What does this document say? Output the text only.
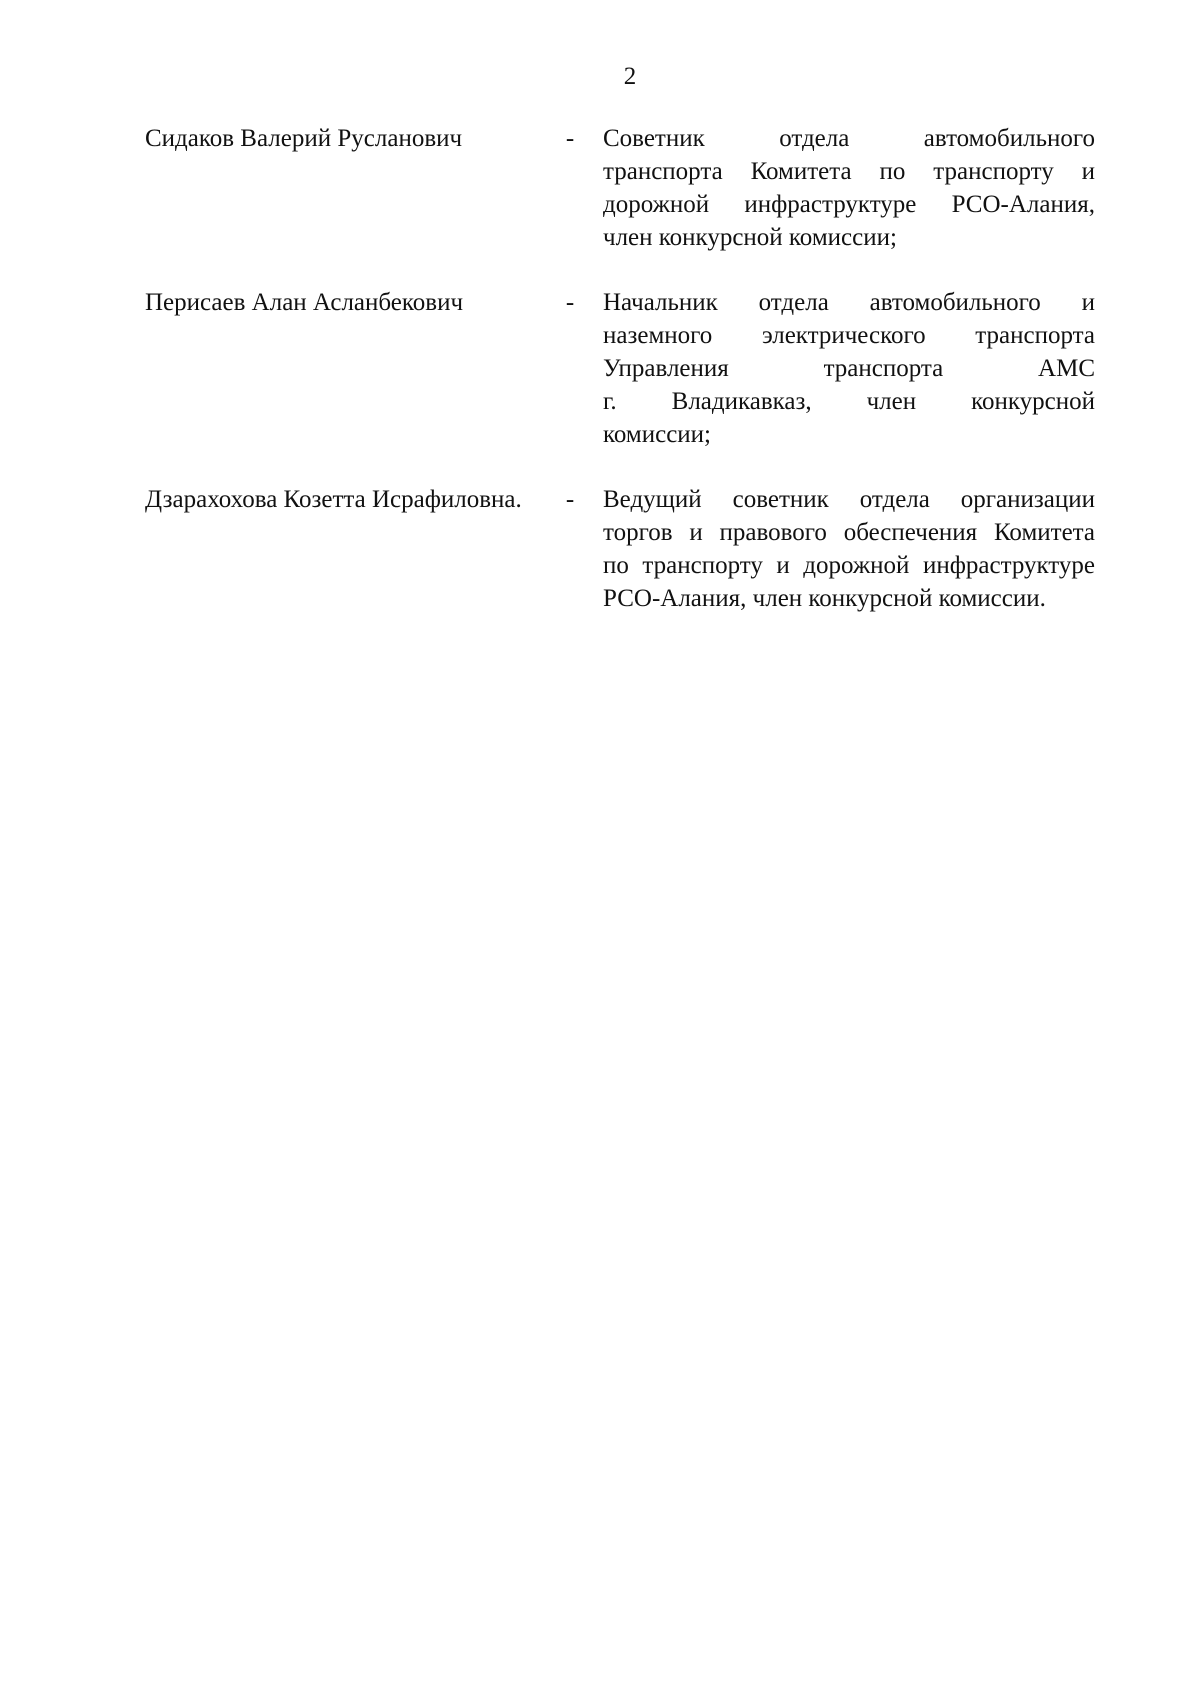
2
Сидаков Валерий Русланович	-	Советник отдела автомобильного
транспорта Комитета по транспорту и
дорожной инфраструктуре РСО-Алания,
член конкурсной комиссии;
Перисаев Алан Асланбекович	-	Начальник отдела автомобильного и
наземного электрического транспорта
Управления транспорта АМС
г. Владикавказ, член конкурсной
комиссии;
Дзарахохова Козетта Исрафиловна.	-	Ведущий советник отдела организации
торгов и правового обеспечения Комитета
по транспорту и дорожной инфраструктуре
РСО-Алания, член конкурсной комиссии.
